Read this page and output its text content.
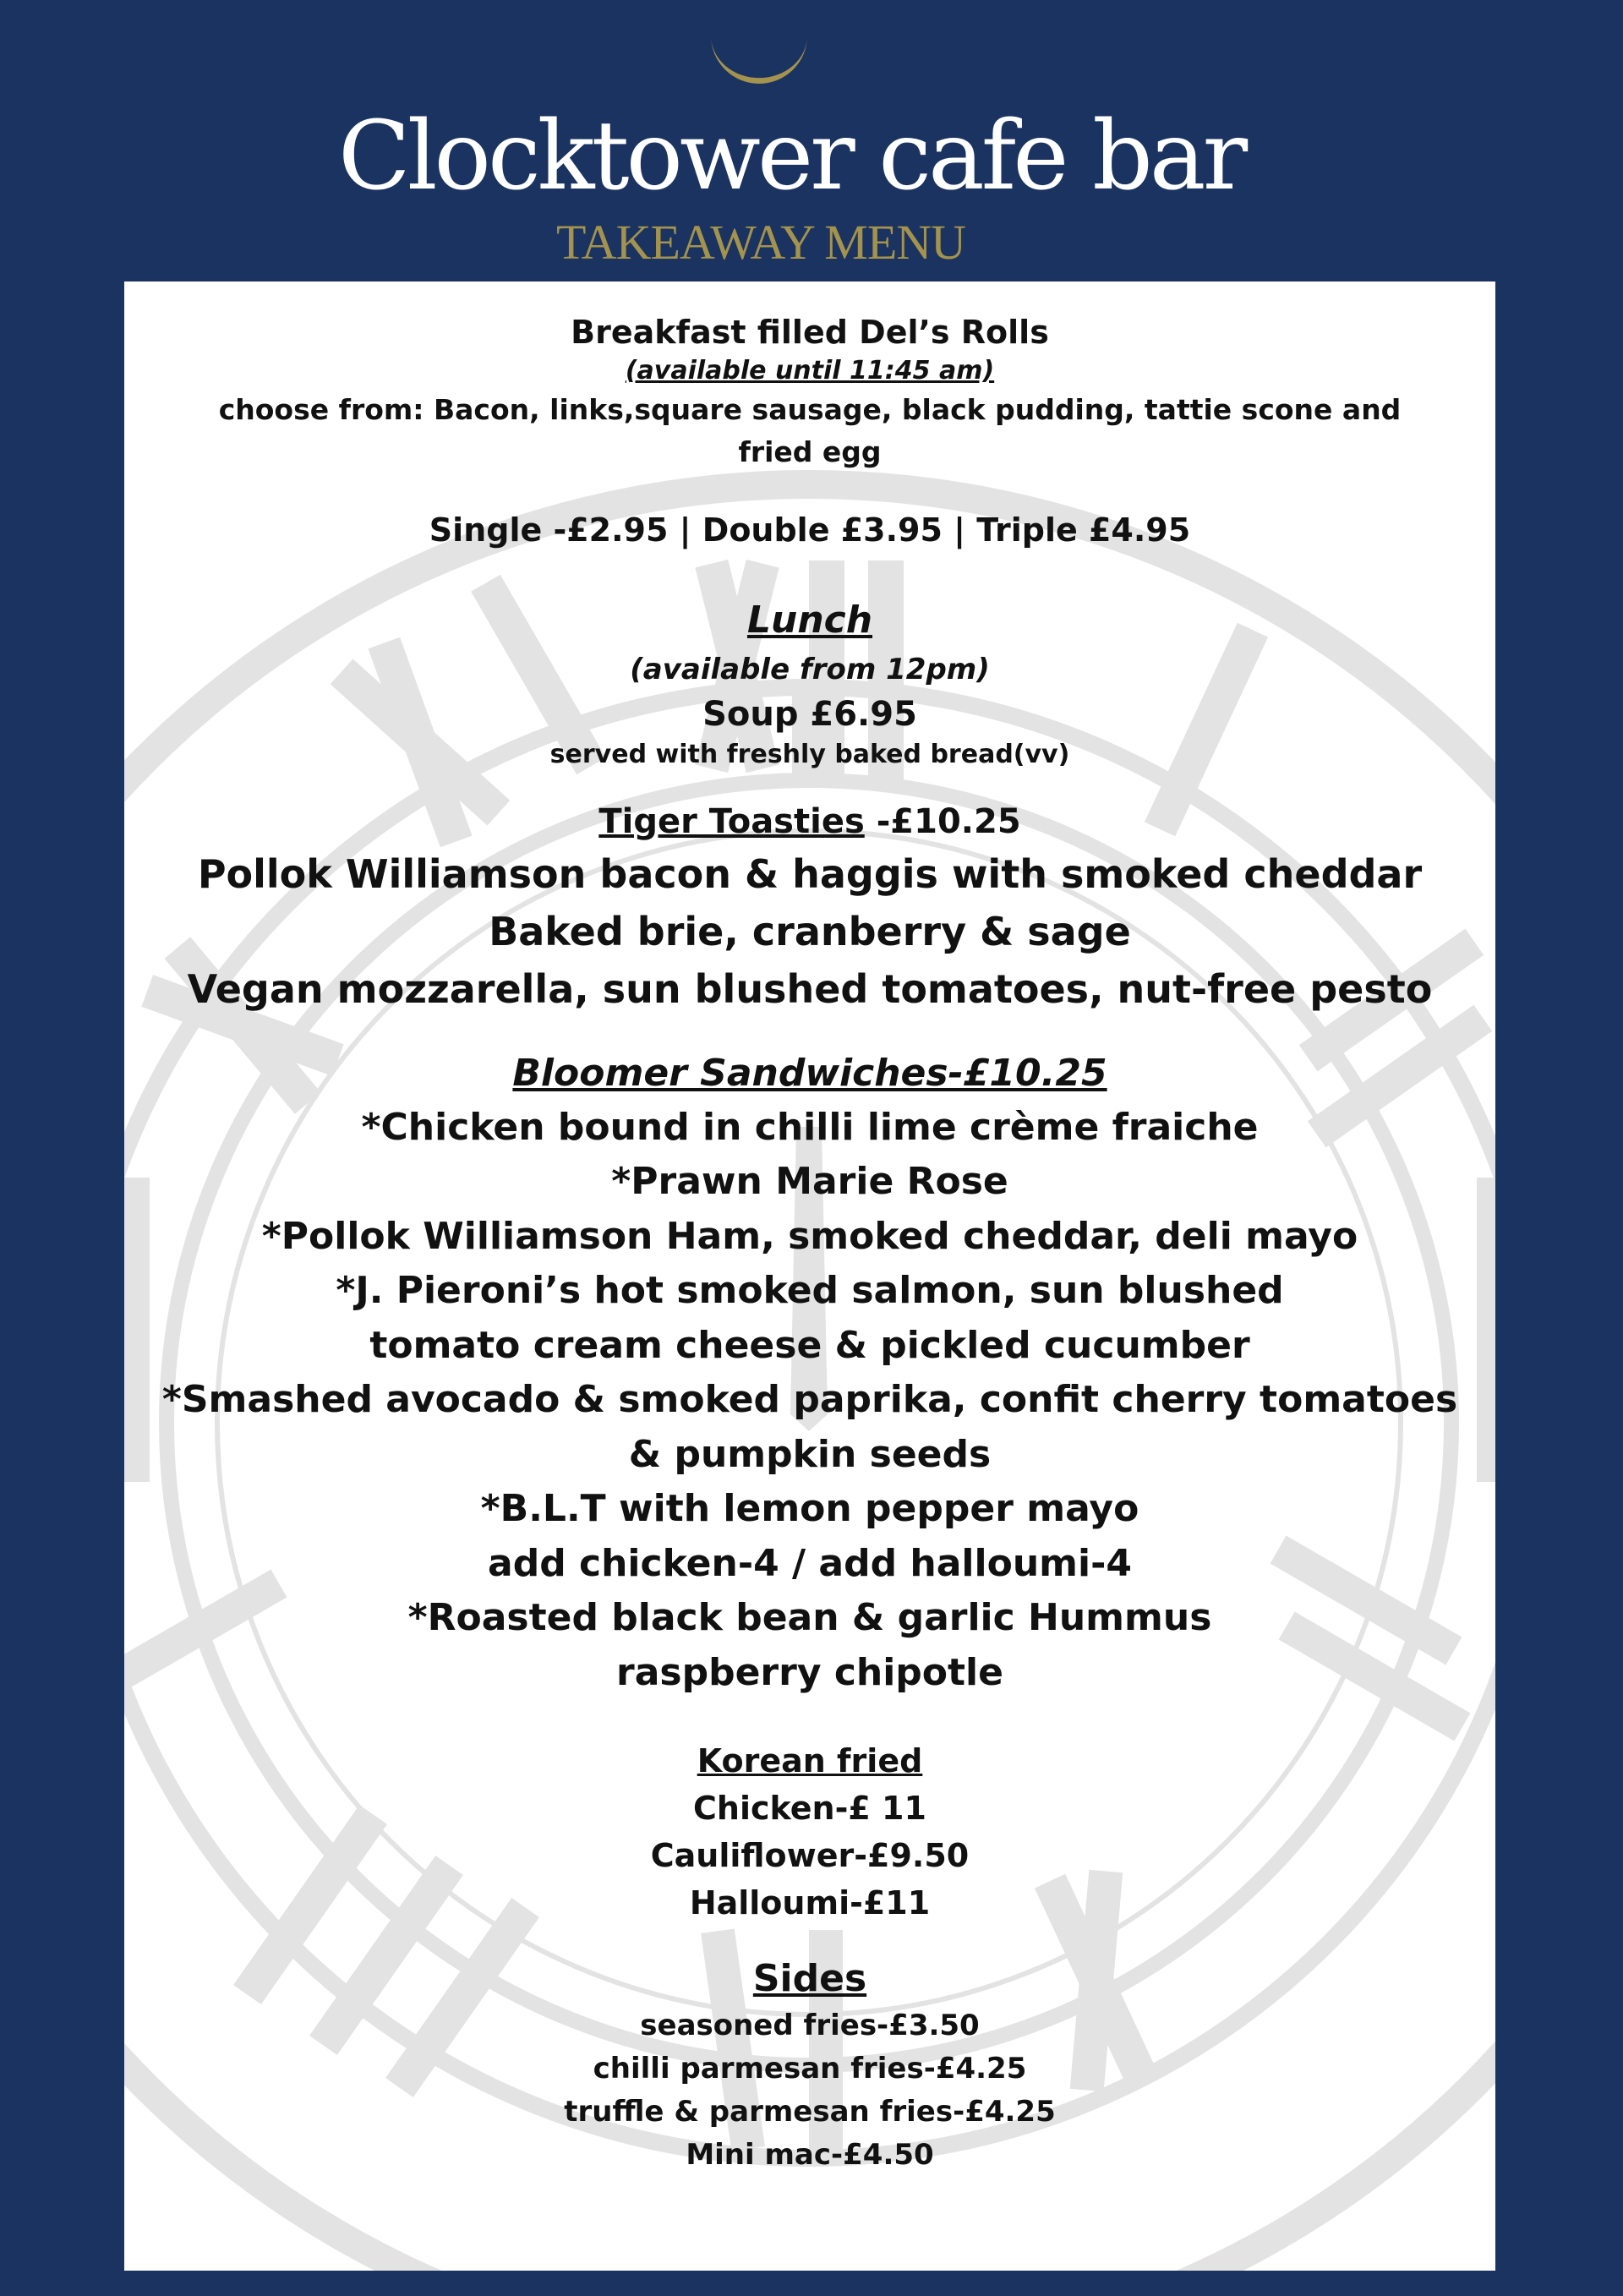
Clocktower cafe bar
TAKEAWAY MENU
Breakfast filled Del’s Rolls
(available until 11:45 am)
choose from: Bacon, links,square sausage, black pudding, tattie scone and
fried egg
Single -£2.95 | Double £3.95 | Triple £4.95
Lunch
(available from 12pm)
Soup £6.95
served with freshly baked bread(vv)
Tiger Toasties -£10.25
Pollok Williamson bacon & haggis with smoked cheddar
Baked brie, cranberry & sage
Vegan mozzarella, sun blushed tomatoes, nut-free pesto
Bloomer Sandwiches-£10.25
*Chicken bound in chilli lime crème fraiche
*Prawn Marie Rose
*Pollok Williamson Ham, smoked cheddar, deli mayo
*J. Pieroni’s hot smoked salmon, sun blushed
tomato cream cheese & pickled cucumber
*Smashed avocado & smoked paprika, confit cherry tomatoes
& pumpkin seeds
*B.L.T with lemon pepper mayo
add chicken-4 / add halloumi-4
*Roasted black bean & garlic Hummus
raspberry chipotle
Korean fried
Chicken-£ 11
Cauliflower-£9.50
Halloumi-£11
Sides
seasoned fries-£3.50
chilli parmesan fries-£4.25
truffle & parmesan fries-£4.25
Mini mac-£4.50
